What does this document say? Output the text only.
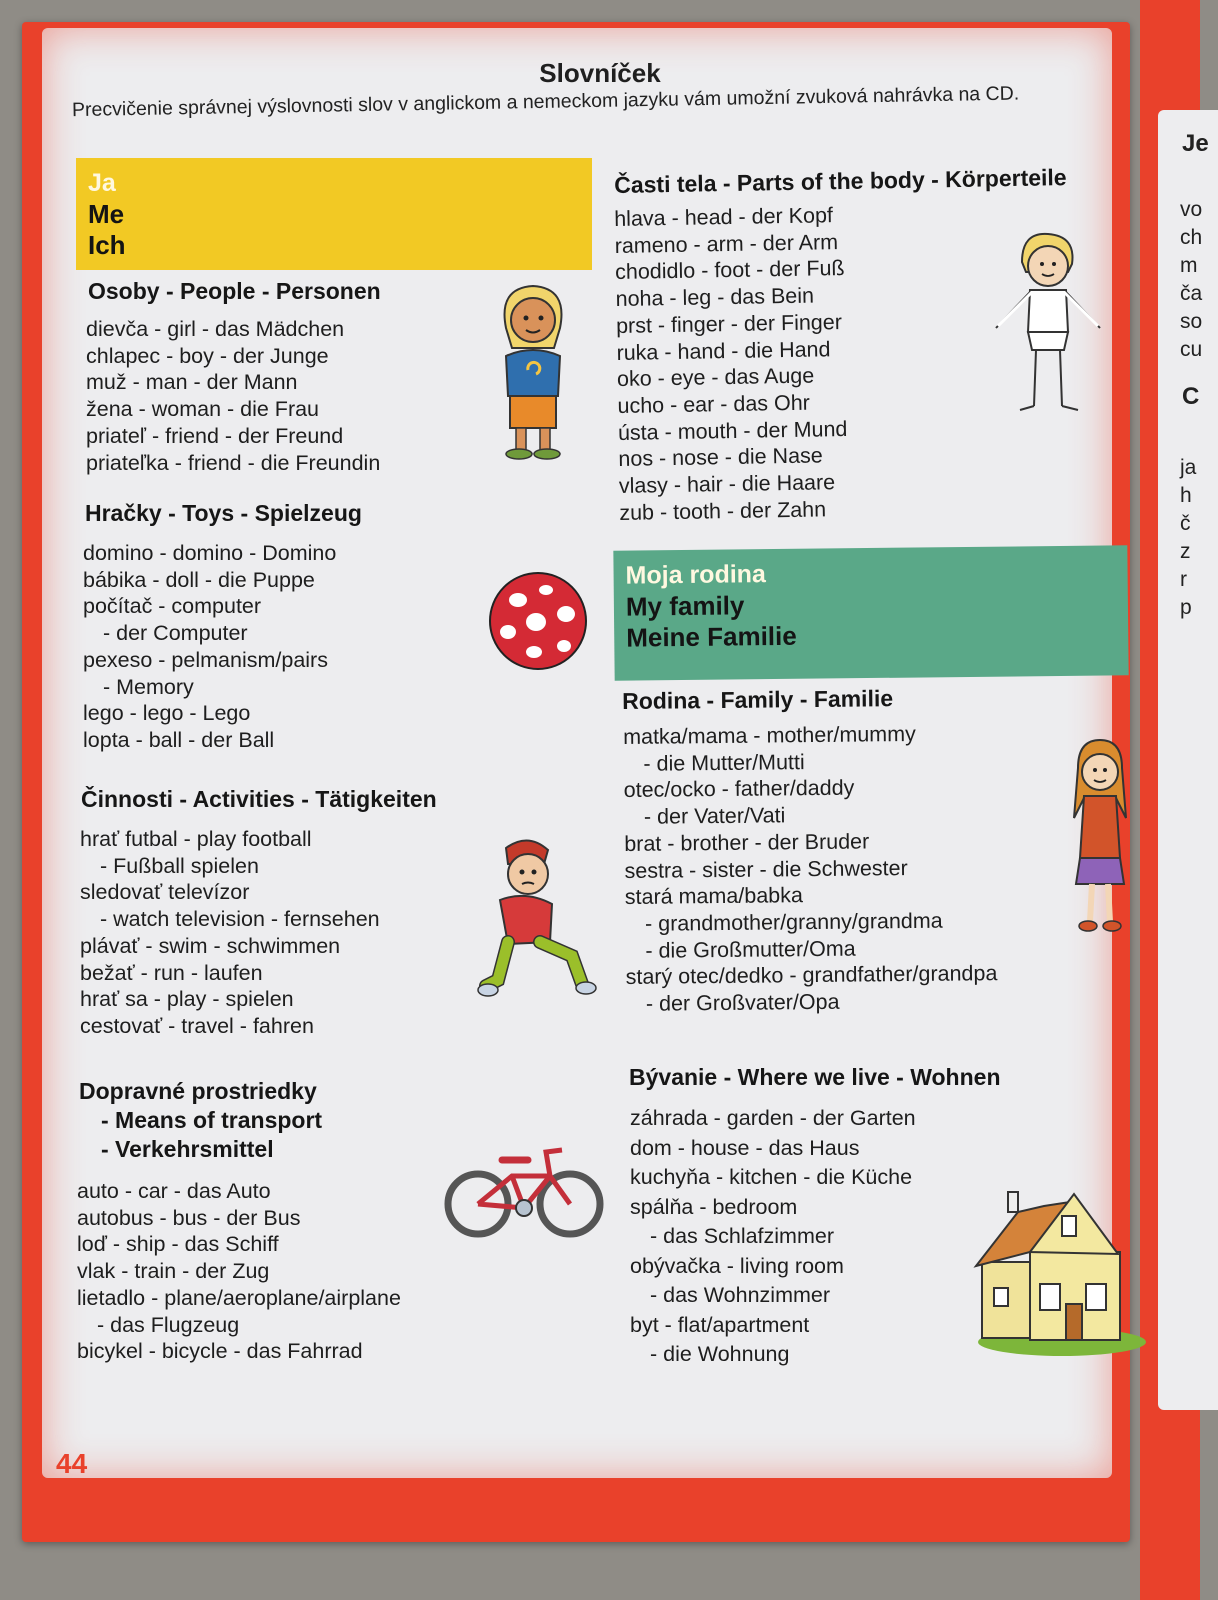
Je
vo
ch
m
ča
so
cu
C
ja
h
č
z
r
p
Slovníček
Precvičenie správnej výslovnosti slov v anglickom a nemeckom jazyku vám umožní zvuková nahrávka na CD.
Ja
Me
Ich
Osoby - People - Personen
dievča - girl - das Mädchen
chlapec - boy - der Junge
muž - man - der Mann
žena - woman - die Frau
priateľ - friend - der Freund
priateľka - friend - die Freundin
Hračky - Toys - Spielzeug
domino - domino - Domino
bábika - doll - die Puppe
počítač - computer
- der Computer
pexeso - pelmanism/pairs
- Memory
lego - lego - Lego
lopta - ball - der Ball
Činnosti - Activities - Tätigkeiten
hrať futbal - play football
- Fußball spielen
sledovať televízor
- watch television - fernsehen
plávať - swim - schwimmen
bežať - run - laufen
hrať sa - play - spielen
cestovať - travel - fahren
Dopravné prostriedky
- Means of transport
- Verkehrsmittel
auto - car - das Auto
autobus - bus - der Bus
loď - ship - das Schiff
vlak - train - der Zug
lietadlo - plane/aeroplane/airplane
- das Flugzeug
bicykel - bicycle - das Fahrrad
Časti tela - Parts of the body - Körperteile
hlava - head - der Kopf
rameno - arm - der Arm
chodidlo - foot - der Fuß
noha - leg - das Bein
prst - finger - der Finger
ruka - hand - die Hand
oko - eye - das Auge
ucho - ear - das Ohr
ústa - mouth - der Mund
nos - nose - die Nase
vlasy - hair - die Haare
zub - tooth - der Zahn
Moja rodina
My family
Meine Familie
Rodina - Family - Familie
matka/mama - mother/mummy
- die Mutter/Mutti
otec/ocko - father/daddy
- der Vater/Vati
brat - brother - der Bruder
sestra - sister - die Schwester
stará mama/babka
- grandmother/granny/grandma
- die Großmutter/Oma
starý otec/dedko - grandfather/grandpa
- der Großvater/Opa
Bývanie - Where we live - Wohnen
záhrada - garden - der Garten
dom - house - das Haus
kuchyňa - kitchen - die Küche
spálňa - bedroom
- das Schlafzimmer
obývačka - living room
- das Wohnzimmer
byt - flat/apartment
- die Wohnung
44
